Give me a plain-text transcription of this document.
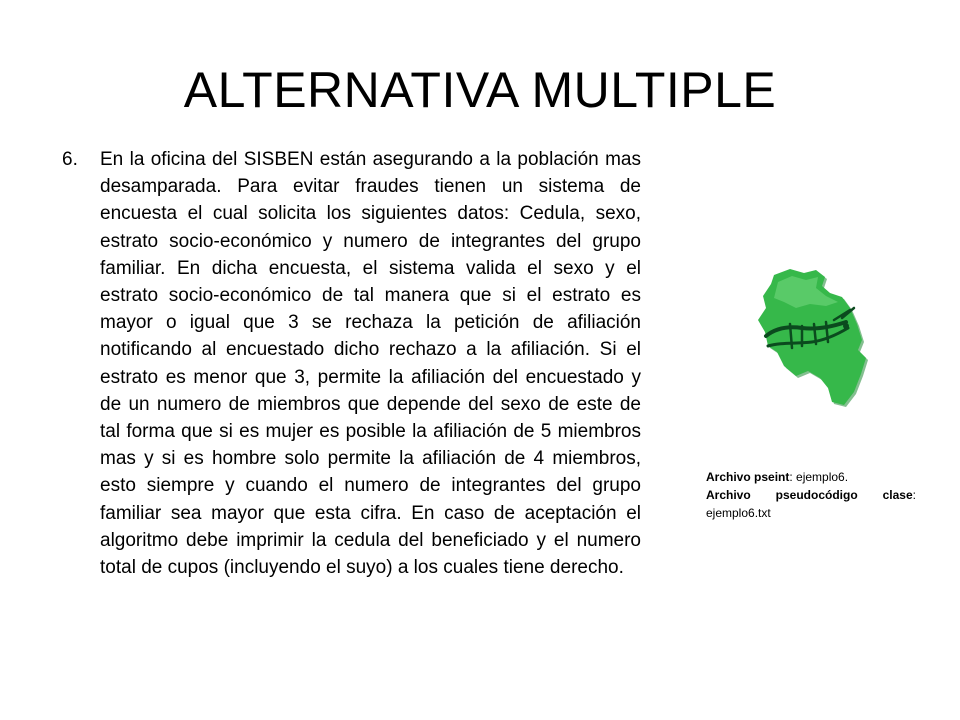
ALTERNATIVA MULTIPLE
6. En la oficina del SISBEN están asegurando a la población mas desamparada. Para evitar fraudes tienen un sistema de encuesta el cual solicita los siguientes datos: Cedula, sexo, estrato socio-económico y numero de integrantes del grupo familiar. En dicha encuesta, el sistema valida el sexo y el estrato socio-económico de tal manera que si el estrato es mayor o igual que 3 se rechaza la petición de afiliación notificando al encuestado dicho rechazo a la afiliación. Si el estrato es menor que 3, permite la afiliación del encuestado y de un numero de miembros que depende del sexo de este de tal forma que si es mujer es posible la afiliación de 5 miembros mas y si es hombre solo permite la afiliación de 4 miembros, esto siempre y cuando el numero de integrantes del grupo familiar sea mayor que esta cifra. En caso de aceptación el algoritmo debe imprimir la cedula del beneficiado y el numero total de cupos (incluyendo el suyo) a los cuales tiene derecho.

Archivo pseint: ejemplo6.

Archivo pseudocódigo clase:

ejemplo6.txt
